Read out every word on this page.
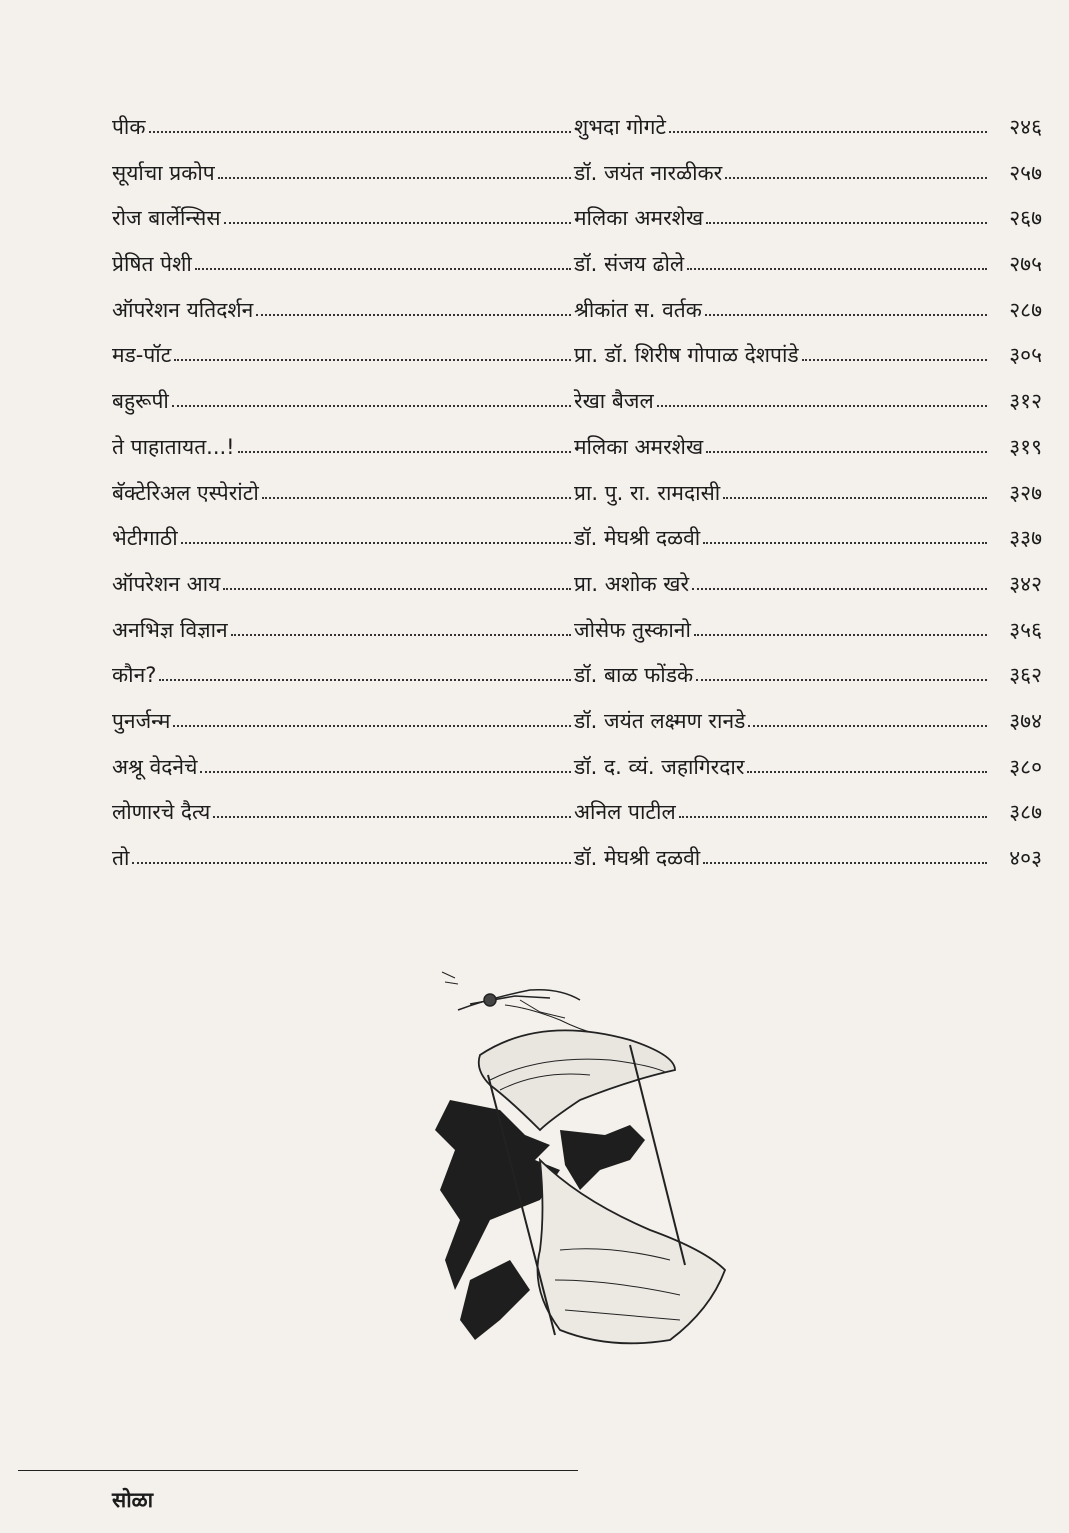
पीक	शुभदा गोगटे	२४६
सूर्याचा प्रकोप	डॉ. जयंत नारळीकर	२५७
रोज बार्लेन्सिस	मलिका अमरशेख	२६७
प्रेषित पेशी	डॉ. संजय ढोले	२७५
ऑपरेशन यतिदर्शन	श्रीकांत स. वर्तक	२८७
मड-पॉट	प्रा. डॉ. शिरीष गोपाळ देशपांडे	३०५
बहुरूपी	रेखा बैजल	३१२
ते पाहातायत...!	मलिका अमरशेख	३१९
बॅक्टेरिअल एस्पेरांटो	प्रा. पु. रा. रामदासी	३२७
भेटीगाठी	डॉ. मेघश्री दळवी	३३७
ऑपरेशन आय	प्रा. अशोक खरे	३४२
अनभिज्ञ विज्ञान	जोसेफ तुस्कानो	३५६
कौन?	डॉ. बाळ फोंडके	३६२
पुनर्जन्म	डॉ. जयंत लक्ष्मण रानडे	३७४
अश्रू वेदनेचे	डॉ. द. व्यं. जहागिरदार	३८०
लोणारचे दैत्य	अनिल पाटील	३८७
तो	डॉ. मेघश्री दळवी	४०३
सोळा
